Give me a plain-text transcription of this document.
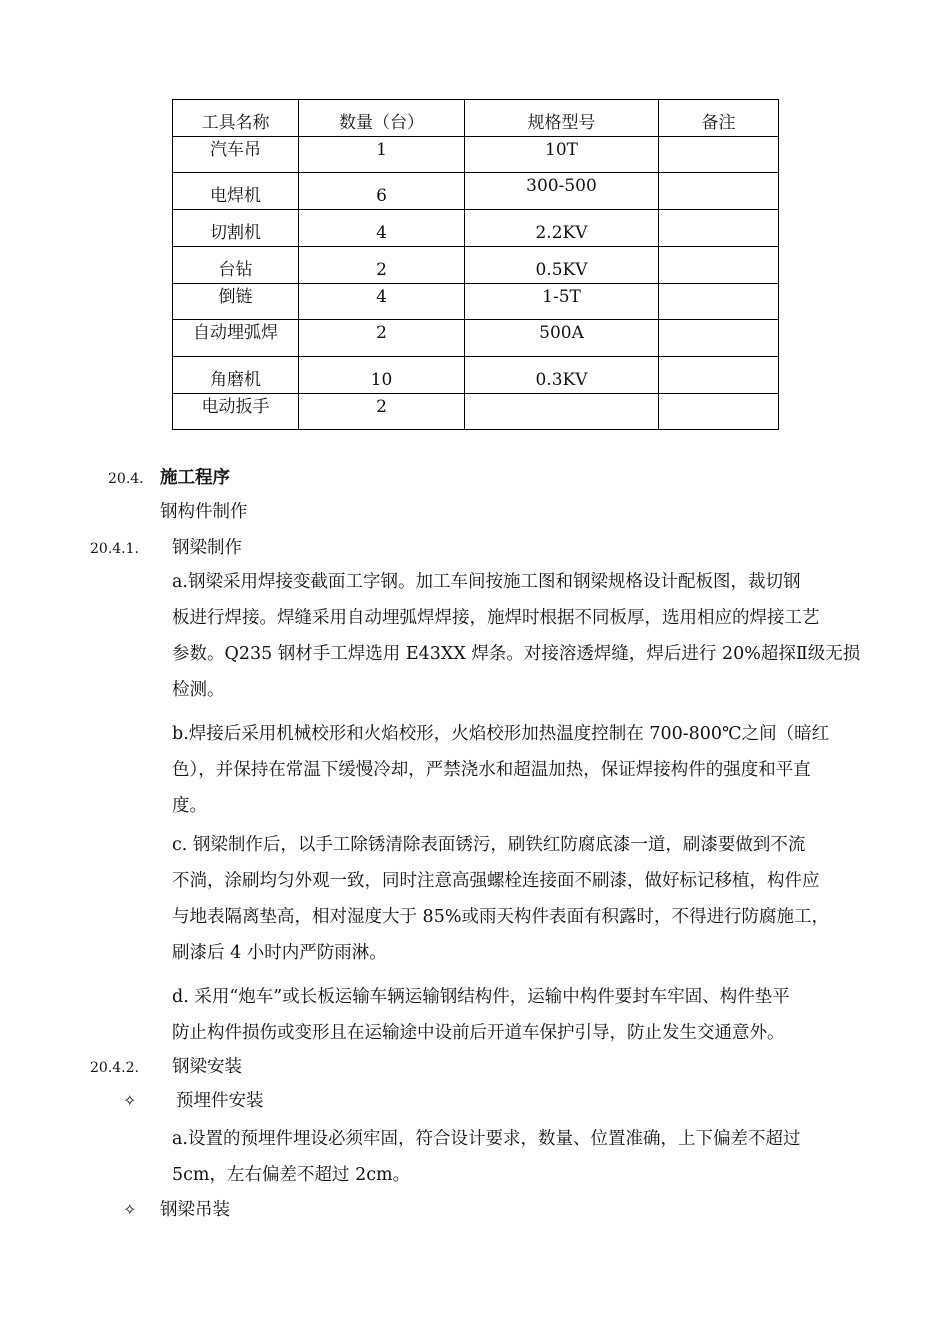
工具名称	数量（台）	规格型号	备注
汽车吊	1	10T	
电焊机	6	300-500	
切割机	4	2.2KV	
台钻	2	0.5KV	
倒链	4	1-5T	
自动埋弧焊	2	500A	
角磨机	10	0.3KV	
电动扳手	2		
20.4. 施工程序
钢构件制作
20.4.1. 钢梁制作
a.钢梁采用焊接变截面工字钢。加工车间按施工图和钢梁规格设计配板图，裁切钢
板进行焊接。焊缝采用自动埋弧焊焊接，施焊时根据不同板厚，选用相应的焊接工艺
参数。Q235 钢材手工焊选用 E43XX 焊条。对接溶透焊缝，焊后进行 20%超探Ⅱ级无损
检测。
b.焊接后采用机械校形和火焰校形，火焰校形加热温度控制在 700-800℃之间（暗红
色），并保持在常温下缓慢冷却，严禁浇水和超温加热，保证焊接构件的强度和平直
度。
c. 钢梁制作后，以手工除锈清除表面锈污，刷铁红防腐底漆一道，刷漆要做到不流
不淌，涂刷均匀外观一致，同时注意高强螺栓连接面不刷漆，做好标记移植，构件应
与地表隔离垫高，相对湿度大于 85%或雨天构件表面有积露时，不得进行防腐施工，
刷漆后 4 小时内严防雨淋。
d. 采用“炮车”或长板运输车辆运输钢结构件，运输中构件要封车牢固、构件垫平
防止构件损伤或变形且在运输途中设前后开道车保护引导，防止发生交通意外。
20.4.2. 钢梁安装
✧ 预埋件安装
a.设置的预埋件埋设必须牢固，符合设计要求，数量、位置准确，上下偏差不超过
5cm，左右偏差不超过 2cm。
✧ 钢梁吊装
